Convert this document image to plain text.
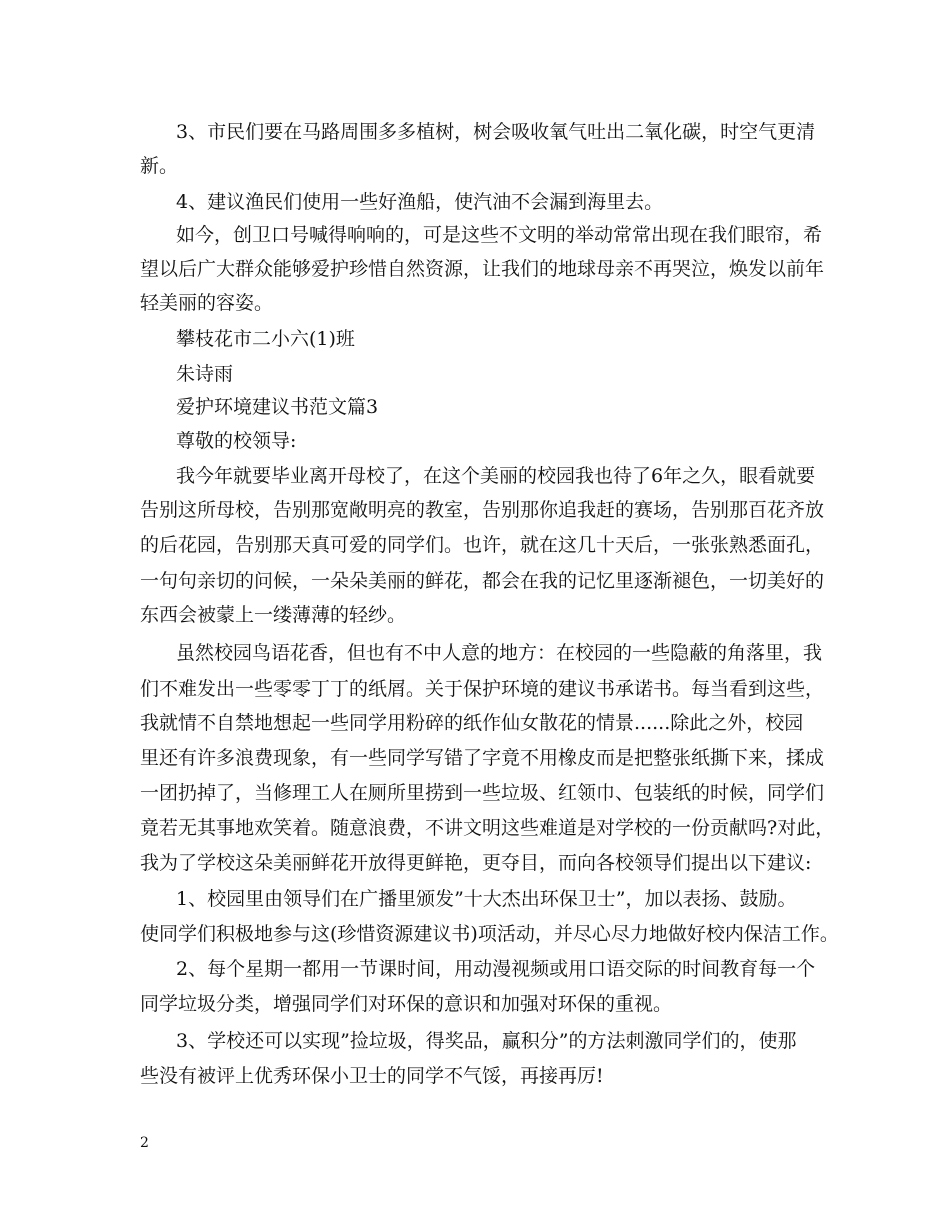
3、市民们要在马路周围多多植树，树会吸收氧气吐出二氧化碳，时空气更清
新。
4、建议渔民们使用一些好渔船，使汽油不会漏到海里去。
如今，创卫口号喊得响响的，可是这些不文明的举动常常出现在我们眼帘，希
望以后广大群众能够爱护珍惜自然资源，让我们的地球母亲不再哭泣，焕发以前年
轻美丽的容姿。
攀枝花市二小六(1)班
朱诗雨
爱护环境建议书范文篇3
尊敬的校领导:
我今年就要毕业离开母校了，在这个美丽的校园我也待了6年之久，眼看就要
告别这所母校，告别那宽敞明亮的教室，告别那你追我赶的赛场，告别那百花齐放
的后花园，告别那天真可爱的同学们。也许，就在这几十天后，一张张熟悉面孔，
一句句亲切的问候，一朵朵美丽的鲜花，都会在我的记忆里逐渐褪色，一切美好的
东西会被蒙上一缕薄薄的轻纱。
虽然校园鸟语花香，但也有不中人意的地方：在校园的一些隐蔽的角落里，我
们不难发出一些零零丁丁的纸屑。关于保护环境的建议书承诺书。每当看到这些，
我就情不自禁地想起一些同学用粉碎的纸作仙女散花的情景......除此之外，校园
里还有许多浪费现象，有一些同学写错了字竟不用橡皮而是把整张纸撕下来，揉成
一团扔掉了，当修理工人在厕所里捞到一些垃圾、红领巾、包装纸的时候，同学们
竟若无其事地欢笑着。随意浪费，不讲文明这些难道是对学校的一份贡献吗?对此，
我为了学校这朵美丽鲜花开放得更鲜艳，更夺目，而向各校领导们提出以下建议:
1、校园里由领导们在广播里颁发”十大杰出环保卫士”，加以表扬、鼓励。
使同学们积极地参与这(珍惜资源建议书)项活动，并尽心尽力地做好校内保洁工作。
2、每个星期一都用一节课时间，用动漫视频或用口语交际的时间教育每一个
同学垃圾分类，增强同学们对环保的意识和加强对环保的重视。
3、学校还可以实现”捡垃圾，得奖品，赢积分”的方法刺激同学们的，使那
些没有被评上优秀环保小卫士的同学不气馁，再接再厉!
2
